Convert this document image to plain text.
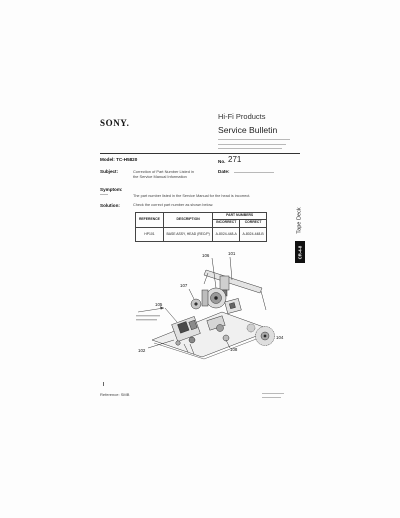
SONY.
Hi-Fi Products
Service Bulletin
Model: TC-H5820	No. 271
Subject:	Correction of Part Number Listed in
the Service Manual Information
Date:
Symptom:
The part number listed in the Service Manual for the head is incorrect.
Solution:	Check the correct part number as shown below.
REFERENCE	DESCRIPTION	PART NUMBERS	
		INCORRECT	CORRECT
HP101	BASE ASSY, HEAD (REC/P)	A-8024-448-A	A-8024-448-B	Tape Deck
CR-4-8
106	101
107
105
102	108
104
Reference: SMB
